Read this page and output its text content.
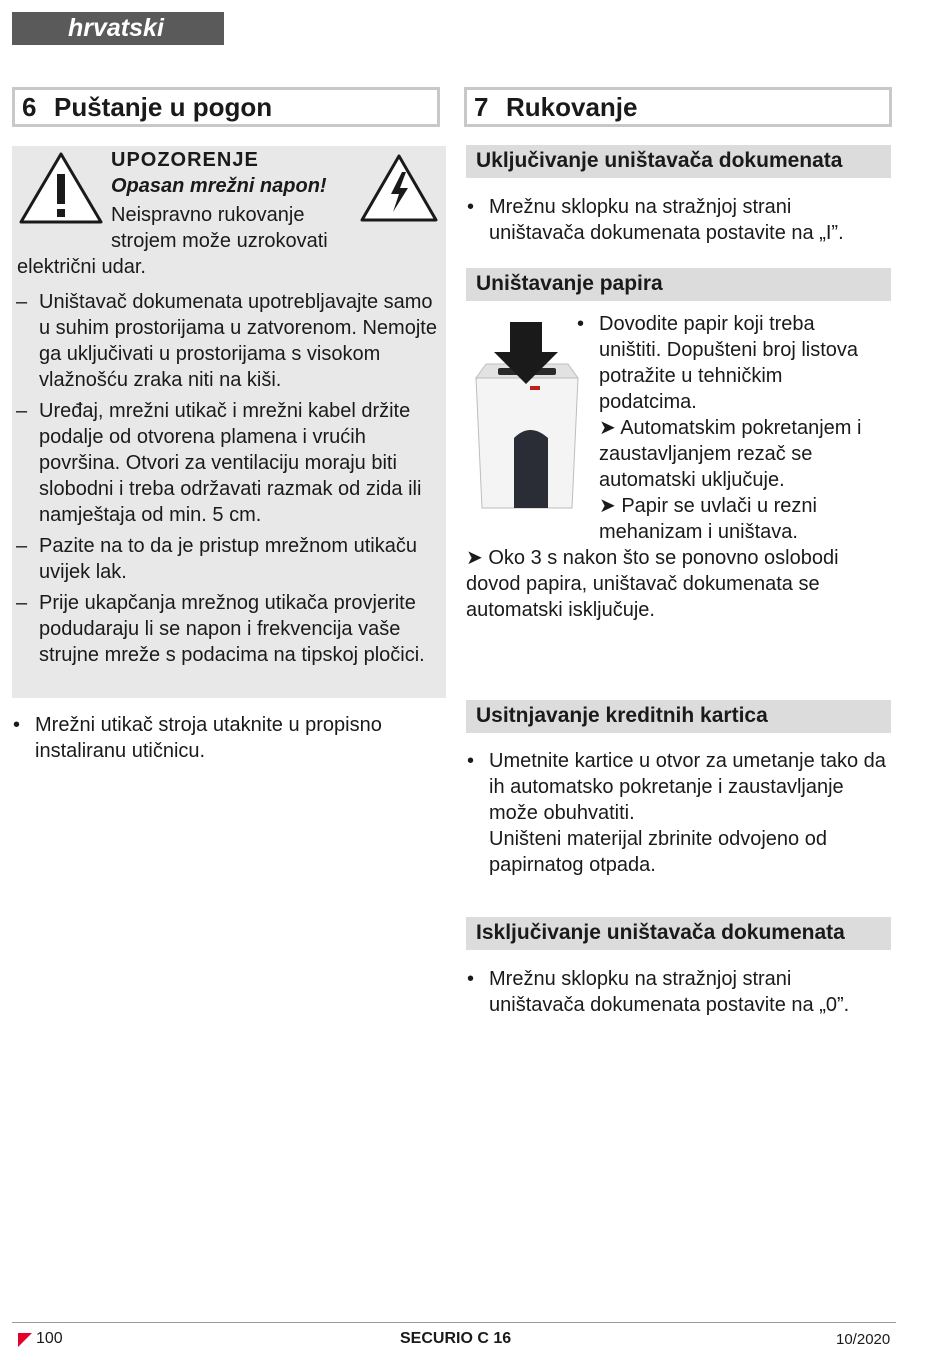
hrvatski
6 Puštanje u pogon
UPOZORENJE
Opasan mrežni napon!
Neispravno rukovanje
strojem može uzrokovati
električni udar.
– Uništavač dokumenata upotrebljavajte samo u suhim prostorijama u zatvorenom. Nemojte ga uključivati u prostorijama s visokom vlažnošću zraka niti na kiši.
– Uređaj, mrežni utikač i mrežni kabel držite podalje od otvorena plamena i vrućih površina. Otvori za ventilaciju moraju biti slobodni i treba održavati razmak od zida ili namještaja od min. 5 cm.
– Pazite na to da je pristup mrežnom utikaču uvijek lak.
– Prije ukapčanja mrežnog utikača provjerite podudaraju li se napon i frekvencija vaše strujne mreže s podacima na tipskoj pločici.
• Mrežni utikač stroja utaknite u propisno instaliranu utičnicu.
7 Rukovanje
Uključivanje uništavača dokumenata
• Mrežnu sklopku na stražnjoj strani uništavača dokumenata postavite na „I”.
Uništavanje papira
• Dovodite papir koji treba uništiti. Dopušteni broj listova potražite u tehničkim podatcima.
➤ Automatskim pokretanjem i zaustavljanjem rezač se automatski uključuje.
➤ Papir se uvlači u rezni mehanizam i uništava.
➤ Oko 3 s nakon što se ponovno oslobodi dovod papira, uništavač dokumenata se automatski isključuje.
Usitnjavanje kreditnih kartica
• Umetnite kartice u otvor za umetanje tako da ih automatsko pokretanje i zaustavljanje može obuhvatiti.
Uništeni materijal zbrinite odvojeno od papirnatog otpada.
Isključivanje uništavača dokumenata
• Mrežnu sklopku na stražnjoj strani uništavača dokumenata postavite na „0”.
100	SECURIO C 16	10/2020
